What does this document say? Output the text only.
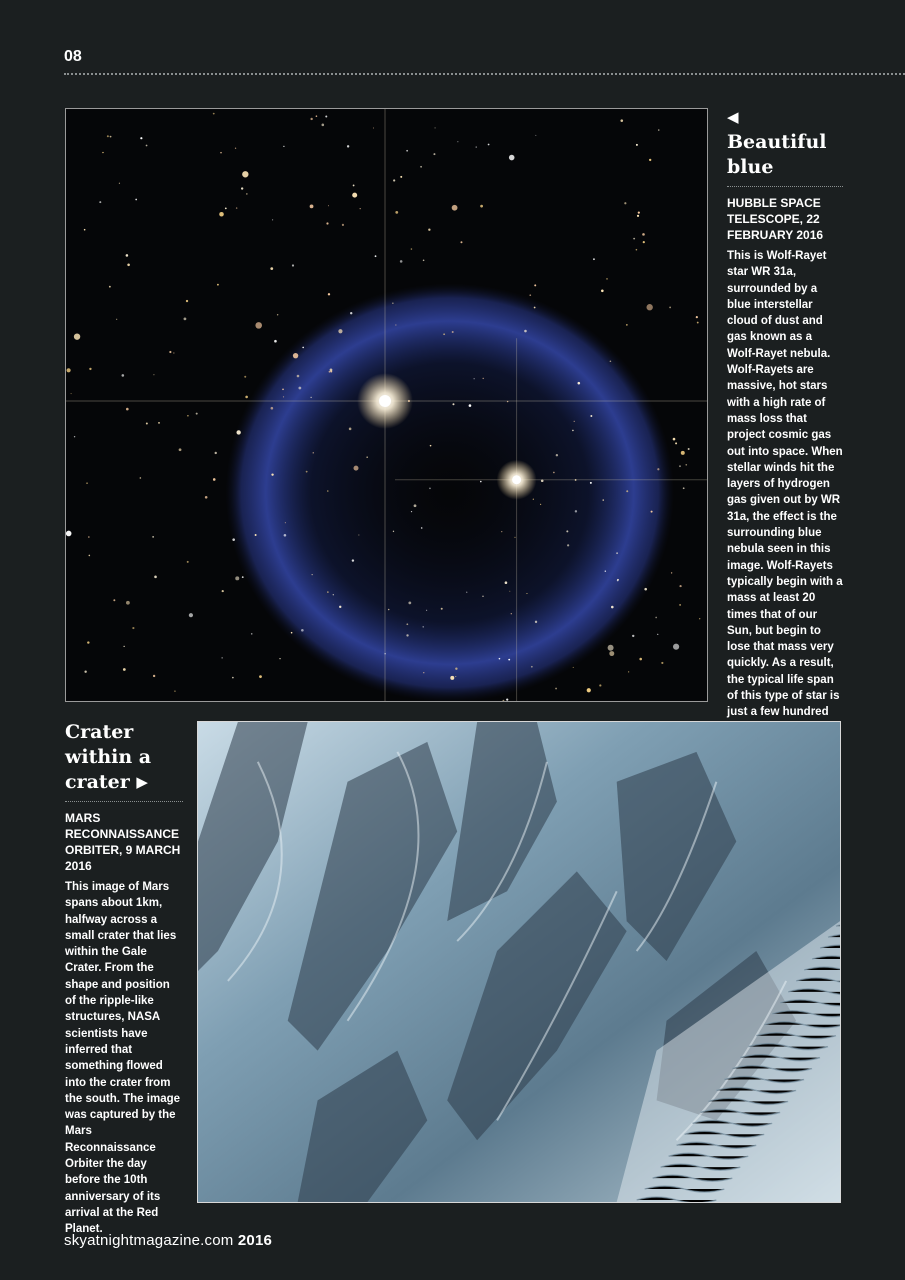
08
◀ Beautiful blue
HUBBLE SPACE TELESCOPE, 22 FEBRUARY 2016
This is Wolf-Rayet star WR 31a, surrounded by a blue interstellar cloud of dust and gas known as a Wolf-Rayet nebula. Wolf-Rayets are massive, hot stars with a high rate of mass loss that project cosmic gas out into space. When stellar winds hit the layers of hydrogen gas given out by WR 31a, the effect is the surrounding blue nebula seen in this image. Wolf-Rayets typically begin with a mass at least 20 times that of our Sun, but begin to lose that mass very quickly. As a result, the typical life span of this type of star is just a few hundred
Crater within a crater ▶
MARS RECONNAISSANCE ORBITER, 9 MARCH 2016
This image of Mars spans about 1km, halfway across a small crater that lies within the Gale Crater. From the shape and position of the ripple-like structures, NASA scientists have inferred that something flowed into the crater from the south. The image was captured by the Mars Reconnaissance Orbiter the day before the 10th anniversary of its arrival at the Red Planet.
skyatnightmagazine.com 2016
